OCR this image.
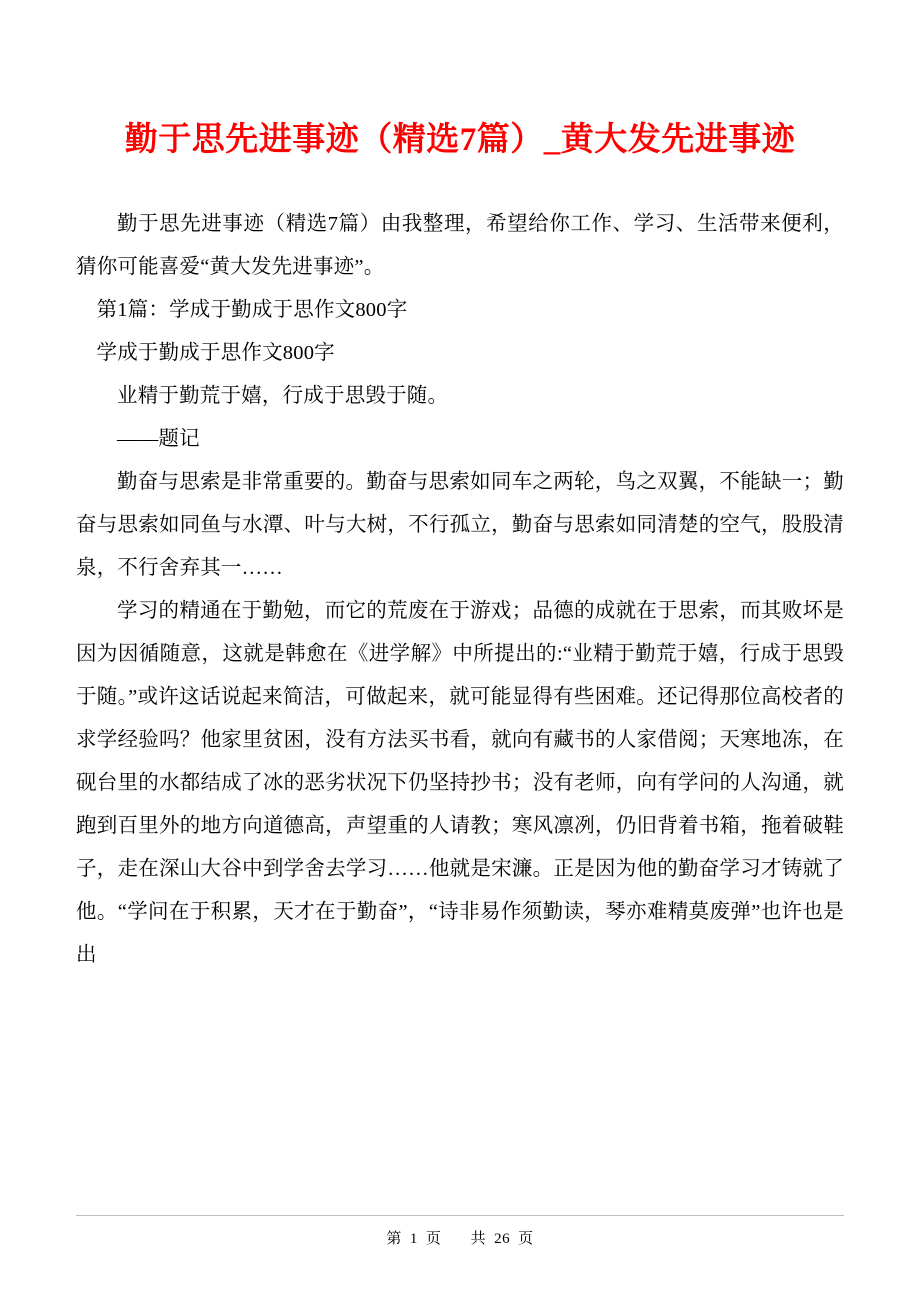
勤于思先进事迹（精选7篇）_黄大发先进事迹

勤于思先进事迹（精选7篇）由我整理，希望给你工作、学习、生活带来便利，猜你可能喜爱“黄大发先进事迹”。

第1篇：学成于勤成于思作文800字

学成于勤成于思作文800字

业精于勤荒于嬉，行成于思毁于随。

——题记

勤奋与思索是非常重要的。勤奋与思索如同车之两轮，鸟之双翼，不能缺一；勤奋与思索如同鱼与水潭、叶与大树，不行孤立，勤奋与思索如同清楚的空气，股股清泉，不行舍弃其一……

学习的精通在于勤勉，而它的荒废在于游戏；品德的成就在于思索，而其败坏是因为因循随意，这就是韩愈在《进学解》中所提出的:“业精于勤荒于嬉，行成于思毁于随。”或许这话说起来简洁，可做起来，就可能显得有些困难。还记得那位高校者的求学经验吗？他家里贫困，没有方法买书看，就向有藏书的人家借阅；天寒地冻，在砚台里的水都结成了冰的恶劣状况下仍坚持抄书；没有老师，向有学问的人沟通，就跑到百里外的地方向道德高，声望重的人请教；寒风凛冽，仍旧背着书箱，拖着破鞋子，走在深山大谷中到学舍去学习……他就是宋濂。正是因为他的勤奋学习才铸就了他。“学问在于积累，天才在于勤奋”，“诗非易作须勤读，琴亦难精莫废弹”也许也是出

第 1 页 共 26 页
